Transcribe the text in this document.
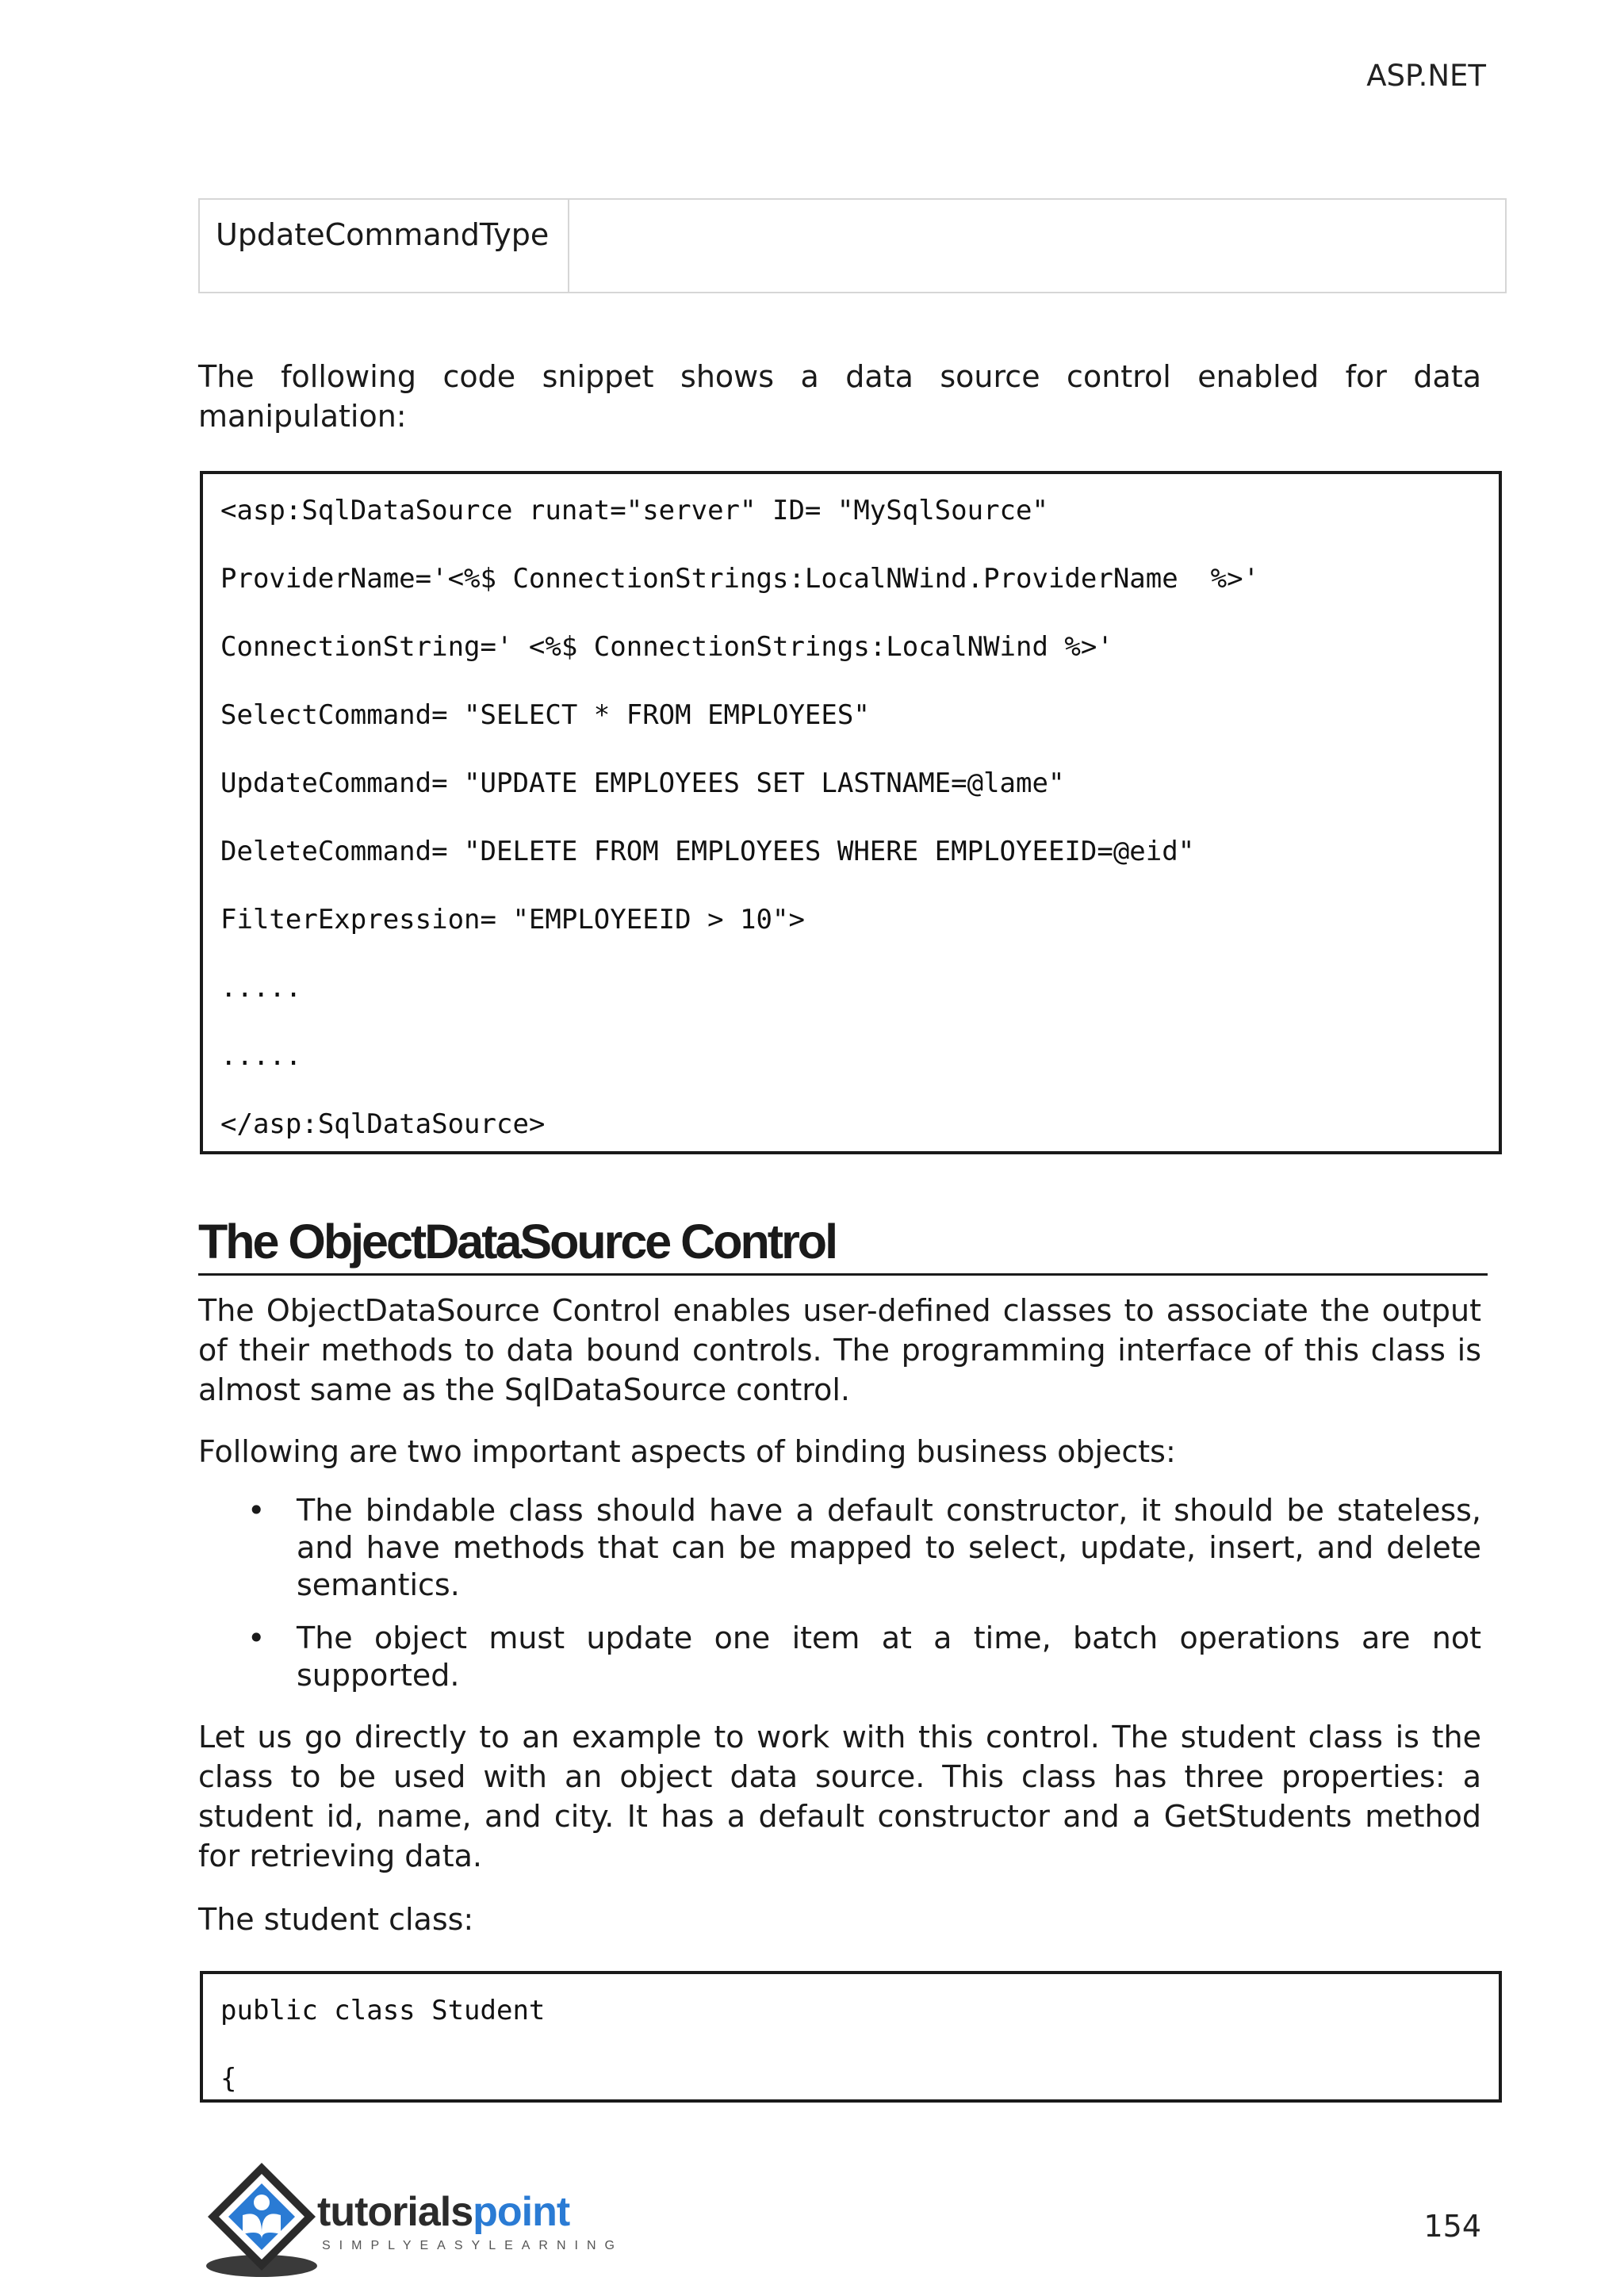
ASP.NET
UpdateCommandType
The following code snippet shows a data source control enabled for data manipulation:
<asp:SqlDataSource runat="server" ID= "MySqlSource"
ProviderName='<%$ ConnectionStrings:LocalNWind.ProviderName  %>'
ConnectionString=' <%$ ConnectionStrings:LocalNWind %>'
SelectCommand= "SELECT * FROM EMPLOYEES"
UpdateCommand= "UPDATE EMPLOYEES SET LASTNAME=@lame"
DeleteCommand= "DELETE FROM EMPLOYEES WHERE EMPLOYEEID=@eid"
FilterExpression= "EMPLOYEEID > 10">
.....
.....
</asp:SqlDataSource>
The ObjectDataSource Control
The ObjectDataSource Control enables user-defined classes to associate the output of their methods to data bound controls. The programming interface of this class is almost same as the SqlDataSource control.
Following are two important aspects of binding business objects:
• The bindable class should have a default constructor, it should be stateless, and have methods that can be mapped to select, update, insert, and delete semantics.
• The object must update one item at a time, batch operations are not supported.
Let us go directly to an example to work with this control. The student class is the class to be used with an object data source. This class has three properties: a student id, name, and city. It has a default constructor and a GetStudents method for retrieving data.
The student class:
public class Student
{
tutorialspoint
SIMPLYEASYLEARNING
154
